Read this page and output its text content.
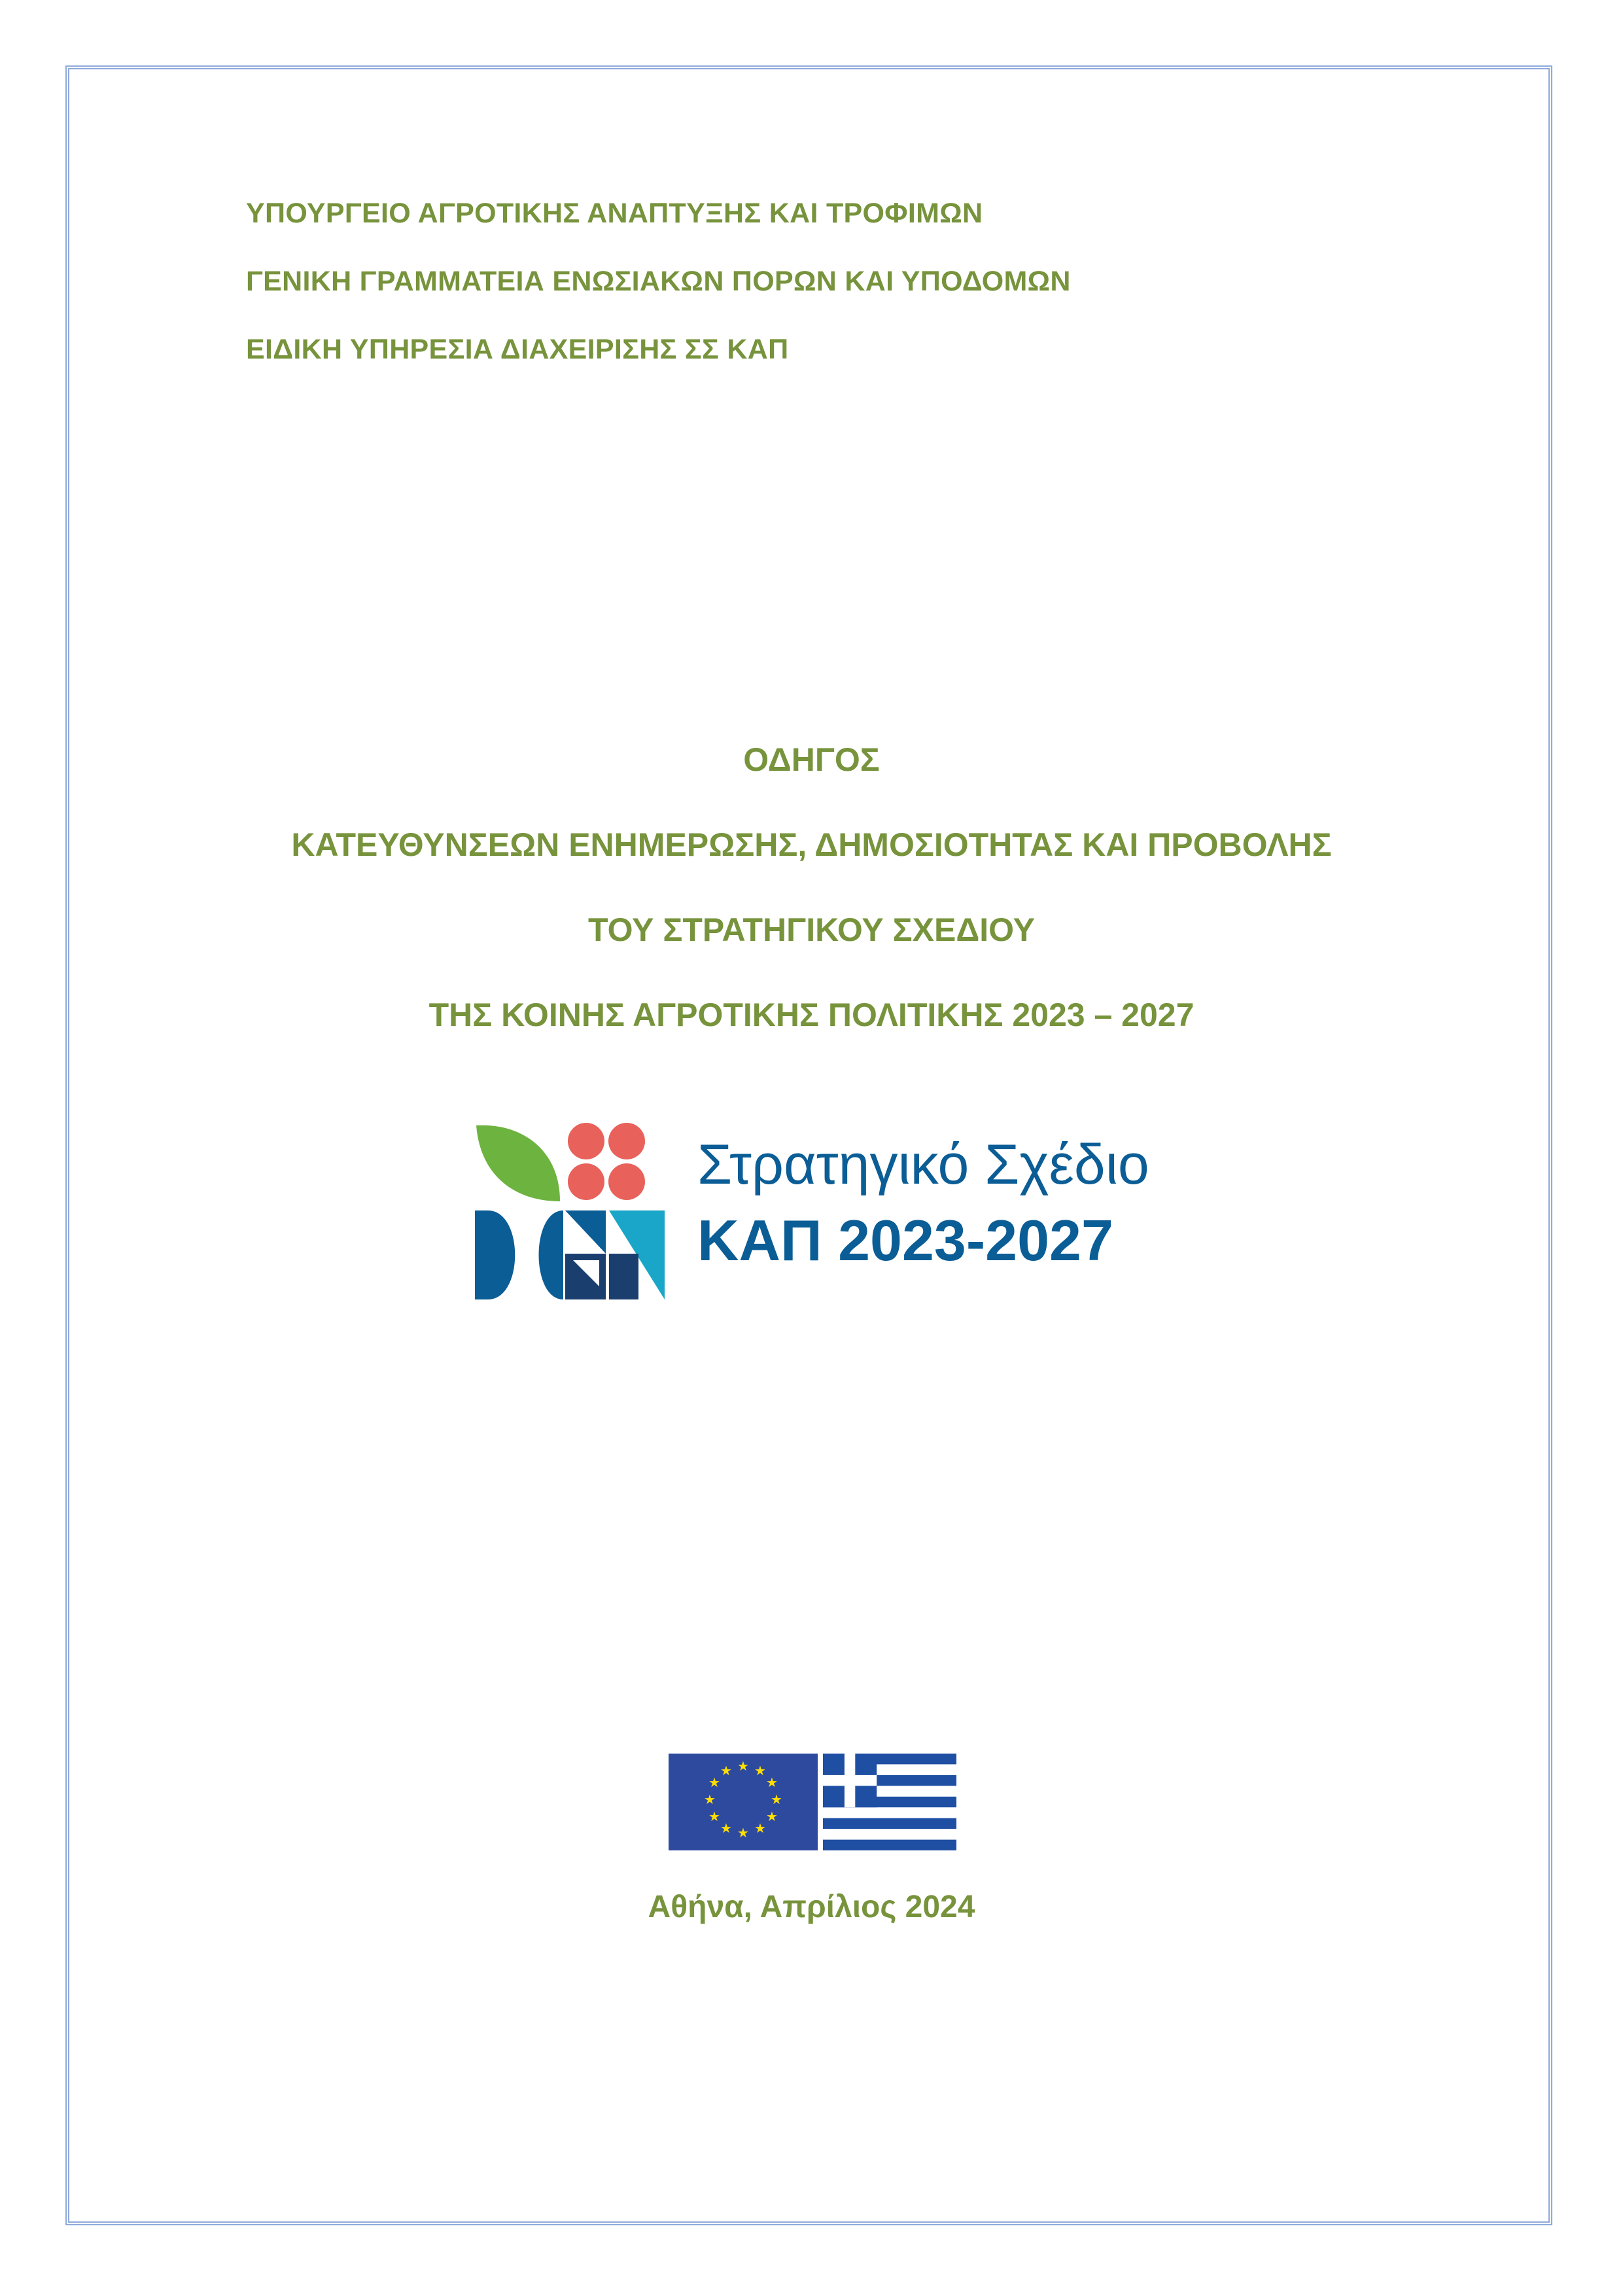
ΥΠΟΥΡΓΕΙΟ ΑΓΡΟΤΙΚΗΣ ΑΝΑΠΤΥΞΗΣ ΚΑΙ ΤΡΟΦΙΜΩΝ
ΓΕΝΙΚΗ ΓΡΑΜΜΑΤΕΙΑ ΕΝΩΣΙΑΚΩΝ ΠΟΡΩΝ ΚΑΙ ΥΠΟΔΟΜΩΝ
ΕΙΔΙΚΗ ΥΠΗΡΕΣΙΑ ΔΙΑΧΕΙΡΙΣΗΣ ΣΣ ΚΑΠ
ΟΔΗΓΟΣ
ΚΑΤΕΥΘΥΝΣΕΩΝ ΕΝΗΜΕΡΩΣΗΣ, ΔΗΜΟΣΙΟΤΗΤΑΣ ΚΑΙ ΠΡΟΒΟΛΗΣ
ΤΟΥ ΣΤΡΑΤΗΓΙΚΟΥ ΣΧΕΔΙΟΥ
ΤΗΣ ΚΟΙΝΗΣ ΑΓΡΟΤΙΚΗΣ ΠΟΛΙΤΙΚΗΣ 2023 – 2027
Στρατηγικό Σχέδιο
ΚΑΠ 2023-2027
★ ★
★
★
★
★
★
★
★
★
★
★
Αθήνα, Απρίλιος 2024
